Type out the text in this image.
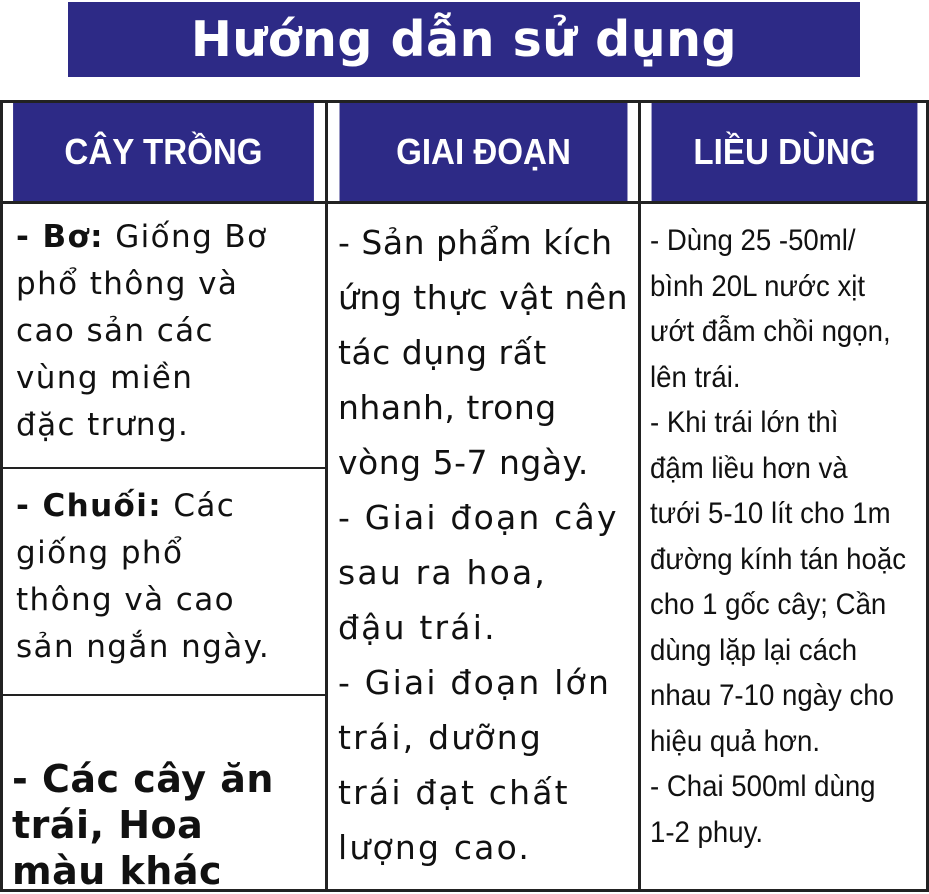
Hướng dẫn sử dụng
CÂY TRỒNG	GIAI ĐOẠN	LIỀU DÙNG
- Bơ: Giống Bơ
phổ thông và
cao sản các
vùng miền
đặc trưng.
- Chuối: Các
giống phổ
thông và cao
sản ngắn ngày.

- Các cây ăn
trái, Hoa
màu khác

- Sản phẩm kích
ứng thực vật nên
tác dụng rất
nhanh, trong
vòng 5-7 ngày.

- Giai đoạn cây
sau ra hoa,
đậu trái.

- Giai đoạn lớn
trái, dưỡng
trái đạt chất
lượng cao.

- Dùng 25 -50ml/
bình 20L nước xịt
ướt đẫm chồi ngọn,
lên trái.

- Khi trái lớn thì
đậm liều hơn và
tưới 5-10 lít cho 1m
đường kính tán hoặc
cho 1 gốc cây; Cần
dùng lặp lại cách
nhau 7-10 ngày cho
hiệu quả hơn.

- Chai 500ml dùng
1-2 phuy.
